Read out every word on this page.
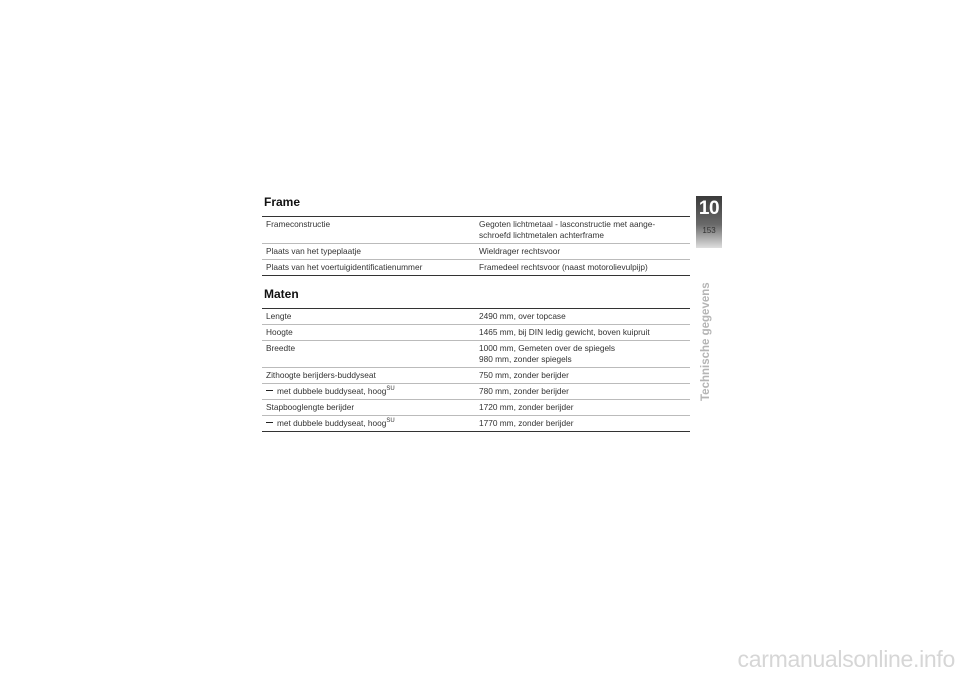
Frame
Frameconstructie	Gegoten lichtmetaal - lasconstructie met aange-
schroefd lichtmetalen achterframe

Plaats van het typeplaatje	Wieldrager rechtsvoor

Plaats van het voertuigidentificatienummer	Framedeel rechtsvoor (naast motorolievulpijp)
Maten
Lengte	2490 mm, over topcase

Hoogte	1465 mm, bij DIN ledig gewicht, boven kuipruit

Breedte	1000 mm, Gemeten over de spiegels
980 mm, zonder spiegels

Zithoogte berijders-buddyseat	750 mm, zonder berijder

met dubbele buddyseat, hoog$^{SU}$	780 mm, zonder berijder

Stapbooglengte berijder	1720 mm, zonder berijder

met dubbele buddyseat, hoog$^{SU}$	1770 mm, zonder berijder
10
153
Technische gegevens
carmanualsonline.info
